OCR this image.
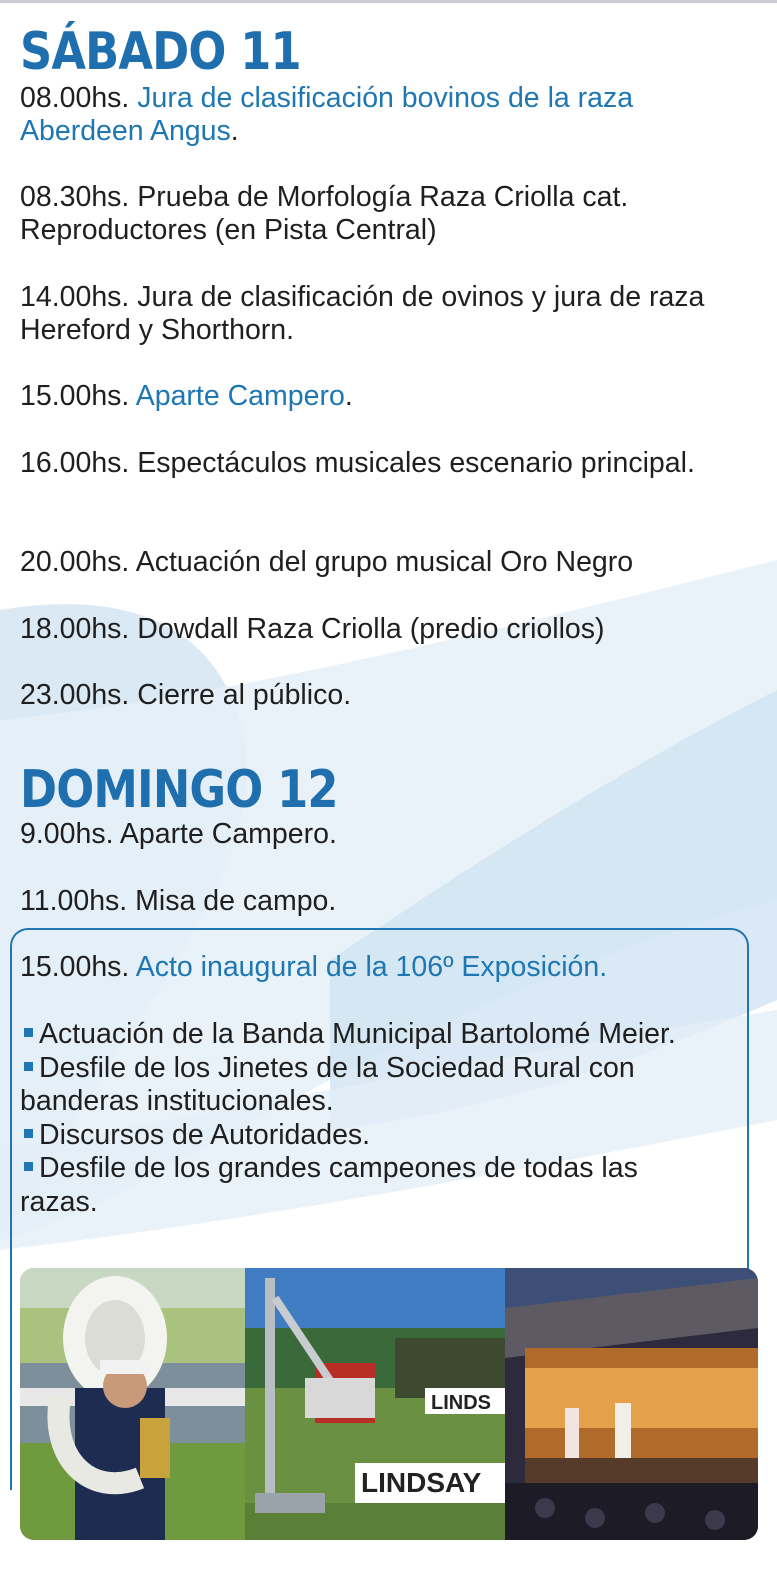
SÁBADO 11

08.00hs. Jura de clasificación bovinos de la raza Aberdeen Angus.

08.30hs. Prueba de Morfología Raza Criolla cat. Reproductores (en Pista Central)

14.00hs. Jura de clasificación de ovinos y jura de raza Hereford y Shorthorn.

15.00hs. Aparte Campero.

16.00hs. Espectáculos musicales escenario principal.

20.00hs. Actuación del grupo musical Oro Negro

18.00hs. Dowdall Raza Criolla (predio criollos)

23.00hs. Cierre al público.

DOMINGO 12

9.00hs. Aparte Campero.

11.00hs. Misa de campo.

15.00hs. Acto inaugural de la 106º Exposición.

Actuación de la Banda Municipal Bartolomé Meier.
Desfile de los Jinetes de la Sociedad Rural con banderas institucionales.
Discursos de Autoridades.
Desfile de los grandes campeones de todas las razas.
LINDS
LINDSAY
